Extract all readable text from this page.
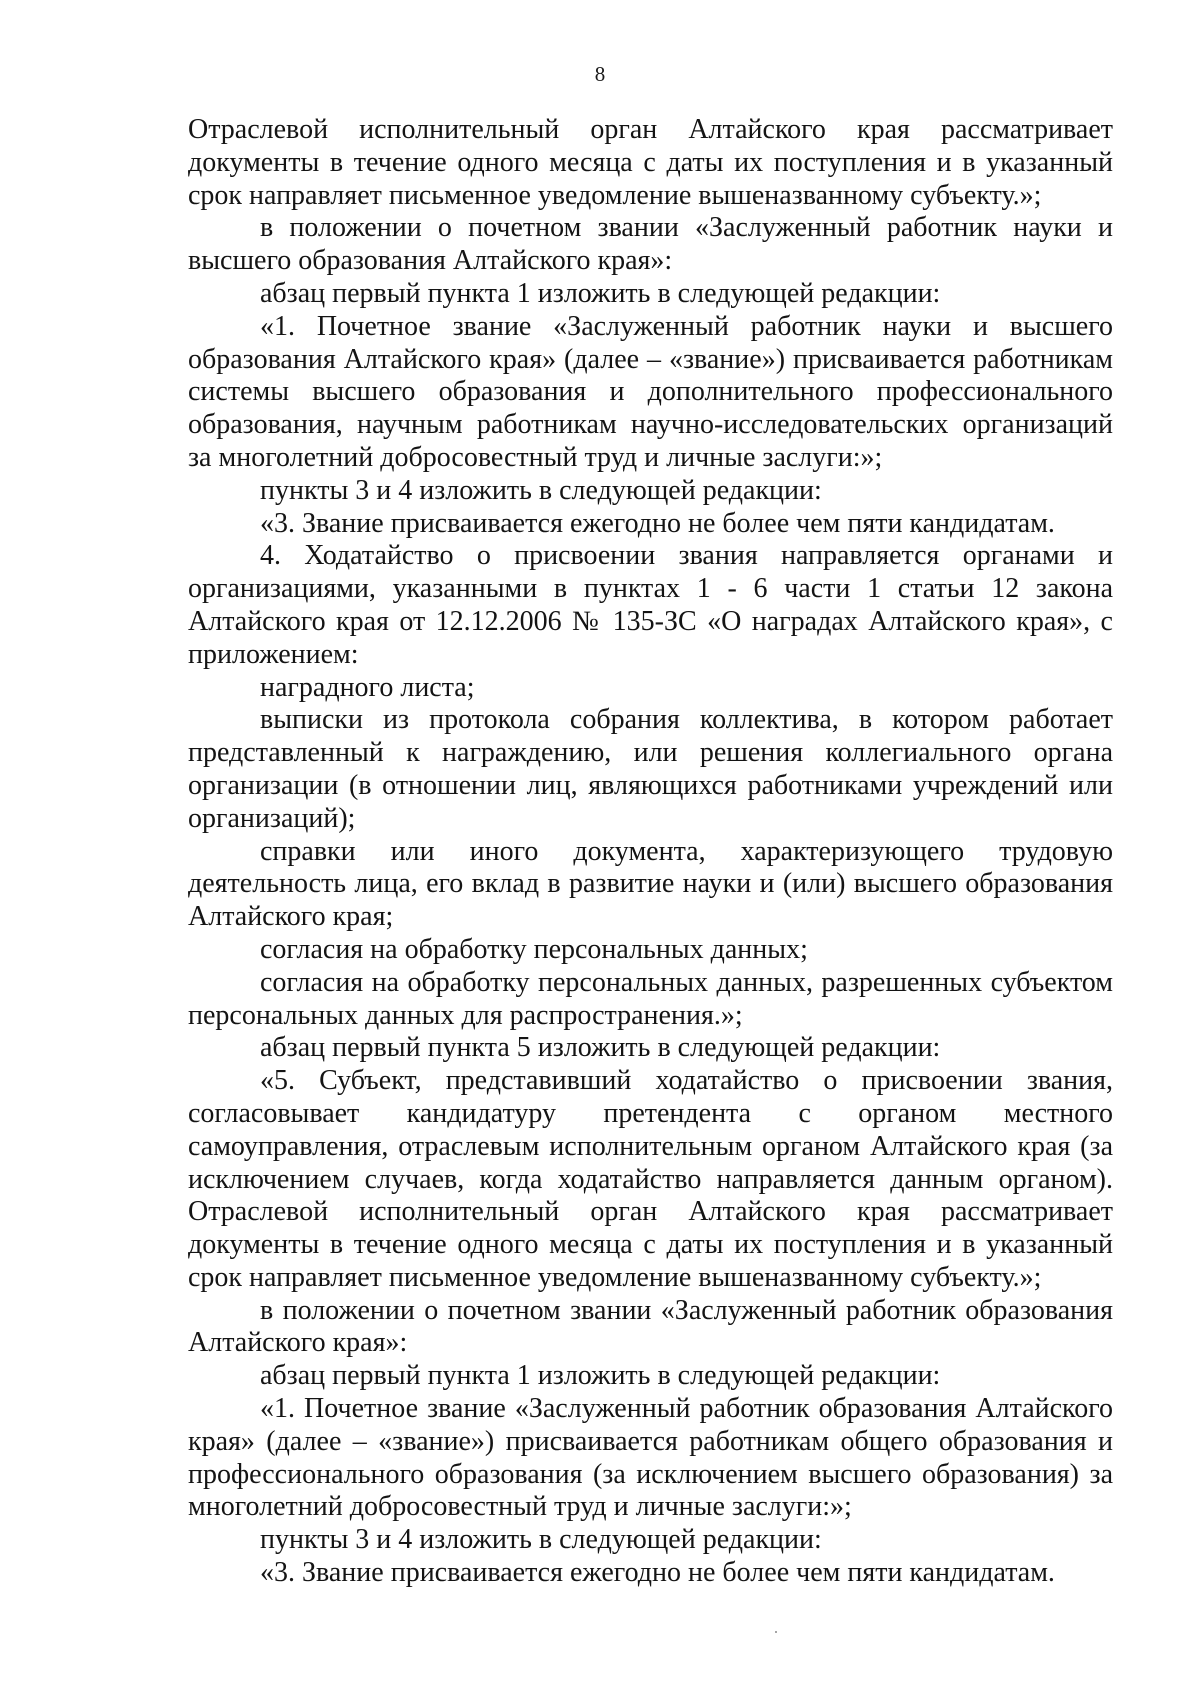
8

Отраслевой исполнительный орган Алтайского края рассматривает документы в течение одного месяца с даты их поступления и в указанный срок направляет письменное уведомление вышеназванному субъекту.»;

в положении о почетном звании «Заслуженный работник науки и высшего образования Алтайского края»:

абзац первый пункта 1 изложить в следующей редакции:

«1. Почетное звание «Заслуженный работник науки и высшего образования Алтайского края» (далее – «звание») присваивается работникам системы высшего образования и дополнительного профессионального образования, научным работникам научно-исследовательских организаций за многолетний добросовестный труд и личные заслуги:»;

пункты 3 и 4 изложить в следующей редакции:

«3. Звание присваивается ежегодно не более чем пяти кандидатам.

4. Ходатайство о присвоении звания направляется органами и организациями, указанными в пунктах 1 - 6 части 1 статьи 12 закона Алтайского края от 12.12.2006 № 135-ЗС «О наградах Алтайского края», с приложением:

наградного листа;

выписки из протокола собрания коллектива, в котором работает представленный к награждению, или решения коллегиального органа организации (в отношении лиц, являющихся работниками учреждений или организаций);

справки или иного документа, характеризующего трудовую деятельность лица, его вклад в развитие науки и (или) высшего образования Алтайского края;

согласия на обработку персональных данных;

согласия на обработку персональных данных, разрешенных субъектом персональных данных для распространения.»;

абзац первый пункта 5 изложить в следующей редакции:

«5. Субъект, представивший ходатайство о присвоении звания, согласовывает кандидатуру претендента с органом местного самоуправления, отраслевым исполнительным органом Алтайского края (за исключением случаев, когда ходатайство направляется данным органом). Отраслевой исполнительный орган Алтайского края рассматривает документы в течение одного месяца с даты их поступления и в указанный срок направляет письменное уведомление вышеназванному субъекту.»;

в положении о почетном звании «Заслуженный работник образования Алтайского края»:

абзац первый пункта 1 изложить в следующей редакции:

«1. Почетное звание «Заслуженный работник образования Алтайского края» (далее – «звание») присваивается работникам общего образования и профессионального образования (за исключением высшего образования) за многолетний добросовестный труд и личные заслуги:»;

пункты 3 и 4 изложить в следующей редакции:

«3. Звание присваивается ежегодно не более чем пяти кандидатам.
